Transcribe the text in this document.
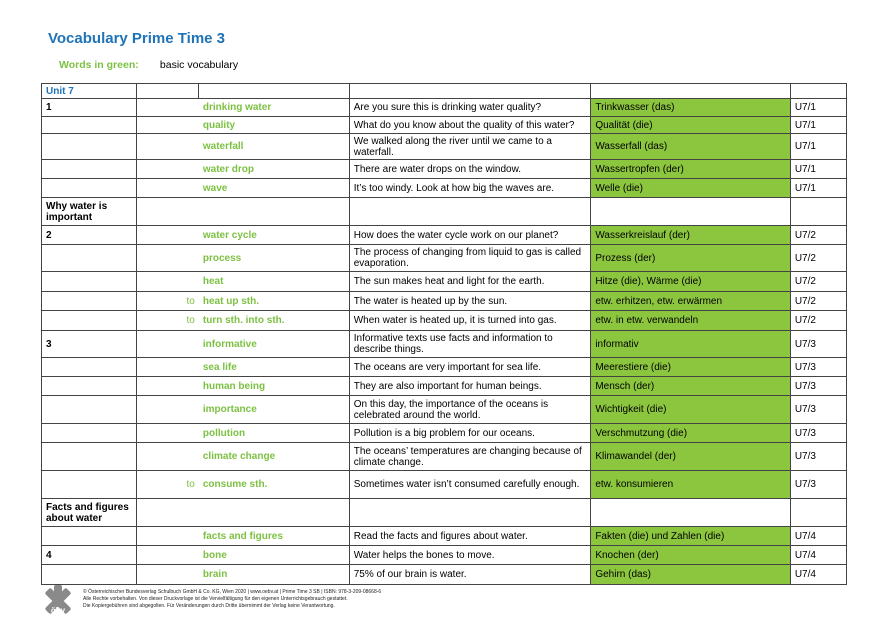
Vocabulary Prime Time 3
Words in green: basic vocabulary
Unit 7					
1		drinking water	Are you sure this is drinking water quality?	Trinkwasser (das)	U7/1
		quality	What do you know about the quality of this water?	Qualität (die)	U7/1
		waterfall	We walked along the river until we came to a waterfall.	Wasserfall (das)	U7/1
		water drop	There are water drops on the window.	Wassertropfen (der)	U7/1
		wave	It’s too windy. Look at how big the waves are.	Welle (die)	U7/1
Why water is important					
2		water cycle	How does the water cycle work on our planet?	Wasserkreislauf (der)	U7/2
		process	The process of changing from liquid to gas is called evaporation.	Prozess (der)	U7/2
		heat	The sun makes heat and light for the earth.	Hitze (die), Wärme (die)	U7/2
	to	heat up sth.	The water is heated up by the sun.	etw. erhitzen, etw. erwärmen	U7/2
	to	turn sth. into sth.	When water is heated up, it is turned into gas.	etw. in etw. verwandeln	U7/2
3		informative	Informative texts use facts and information to describe things.	informativ	U7/3
		sea life	The oceans are very important for sea life.	Meerestiere (die)	U7/3
		human being	They are also important for human beings.	Mensch (der)	U7/3
		importance	On this day, the importance of the oceans is celebrated around the world.	Wichtigkeit (die)	U7/3
		pollution	Pollution is a big problem for our oceans.	Verschmutzung (die)	U7/3
		climate change	The oceans’ temperatures are changing because of climate change.	Klimawandel (der)	U7/3
	to	consume sth.	Sometimes water isn’t consumed carefully enough.	etw. konsumieren	U7/3
Facts and figures about water					
		facts and figures	Read the facts and figures about water.	Fakten (die) und Zahlen (die)	U7/4
4		bone	Water helps the bones to move.	Knochen (der)	U7/4
		brain	75% of our brain is water.	Gehirn (das)	U7/4
öbv
© Österreichischer Bundesverlag Schulbuch GmbH & Co. KG, Wien 2020 | www.oebv.at | Prime Time 3 SB | ISBN: 978-3-209-08668-6
Alle Rechte vorbehalten. Von dieser Druckvorlage ist die Vervielfältigung für den eigenen Unterrichtsgebrauch gestattet.
Die Kopiergebühren sind abgegolten. Für Veränderungen durch Dritte übernimmt der Verlag keine Verantwortung.
